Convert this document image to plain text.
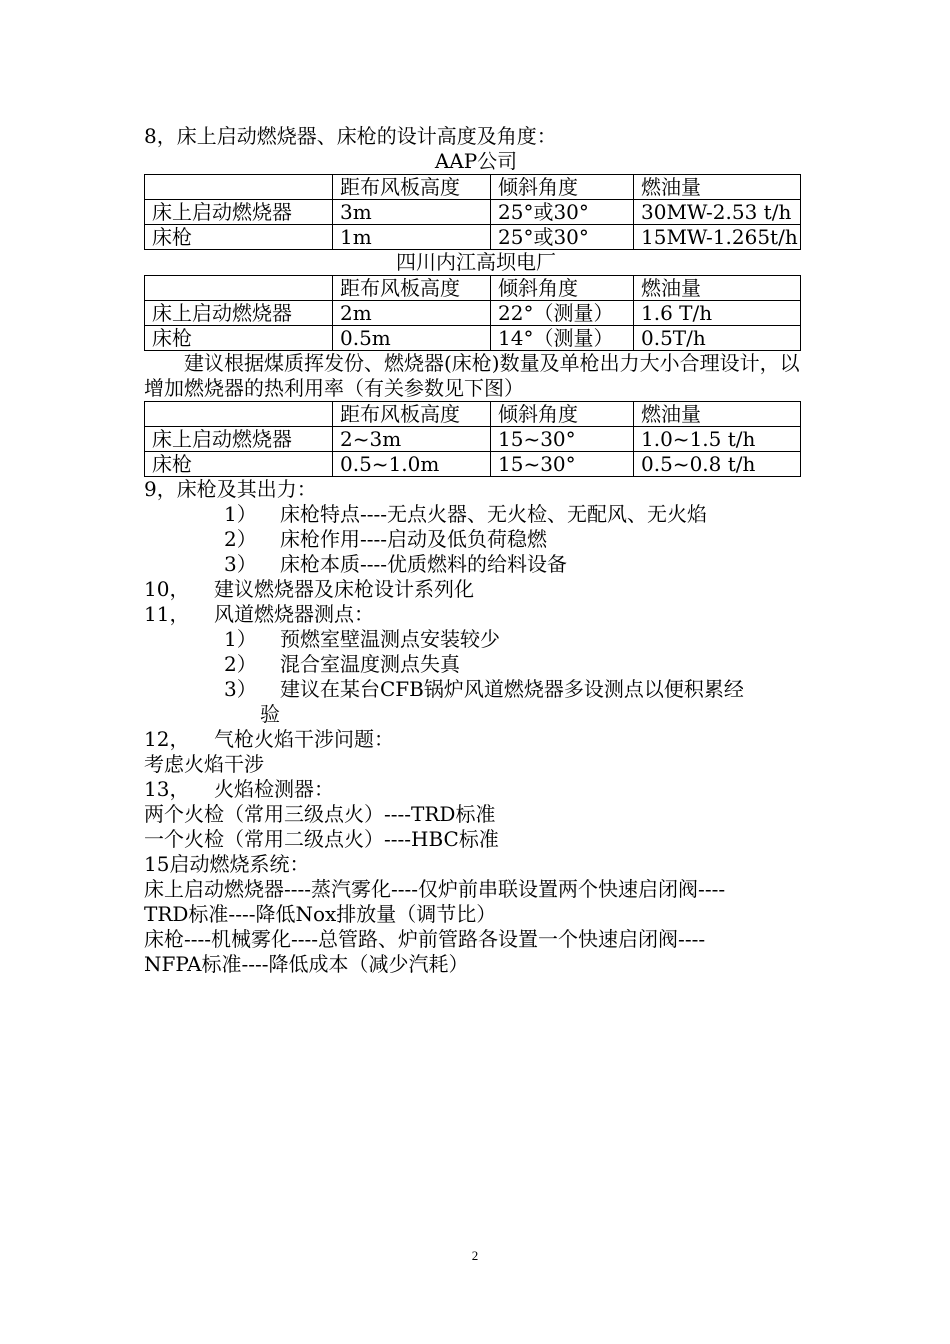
8，床上启动燃烧器、床枪的设计高度及角度：
AAP公司
	距布风板高度	倾斜角度	燃油量
床上启动燃烧器	3m	25°或30°	30MW-2.53 t/h
床枪	1m	25°或30°	15MW-1.265t/h
四川内江高坝电厂
	距布风板高度	倾斜角度	燃油量
床上启动燃烧器	2m	22°（测量）	1.6 T/h
床枪	0.5m	14°（测量）	0.5T/h
建议根据煤质挥发份、燃烧器(床枪)数量及单枪出力大小合理设计，以增加燃烧器的热利用率（有关参数见下图）
	距布风板高度	倾斜角度	燃油量
床上启动燃烧器	2~3m	15~30°	1.0~1.5 t/h
床枪	0.5~1.0m	15~30°	0.5~0.8 t/h
9，床枪及其出力：
1） 床枪特点----无点火器、无火检、无配风、无火焰
2） 床枪作用----启动及低负荷稳燃
3） 床枪本质----优质燃料的给料设备
10， 建议燃烧器及床枪设计系列化
11， 风道燃烧器测点：
1） 预燃室壁温测点安装较少
2） 混合室温度测点失真
3） 建议在某台CFB锅炉风道燃烧器多设测点以便积累经
验
12， 气枪火焰干涉问题：
考虑火焰干涉
13， 火焰检测器：
两个火检（常用三级点火）----TRD标准
一个火检（常用二级点火）----HBC标准
15启动燃烧系统：
床上启动燃烧器----蒸汽雾化----仅炉前串联设置两个快速启闭阀----
TRD标准----降低Nox排放量（调节比）
床枪----机械雾化----总管路、炉前管路各设置一个快速启闭阀----
NFPA标准----降低成本（减少汽耗）
2
